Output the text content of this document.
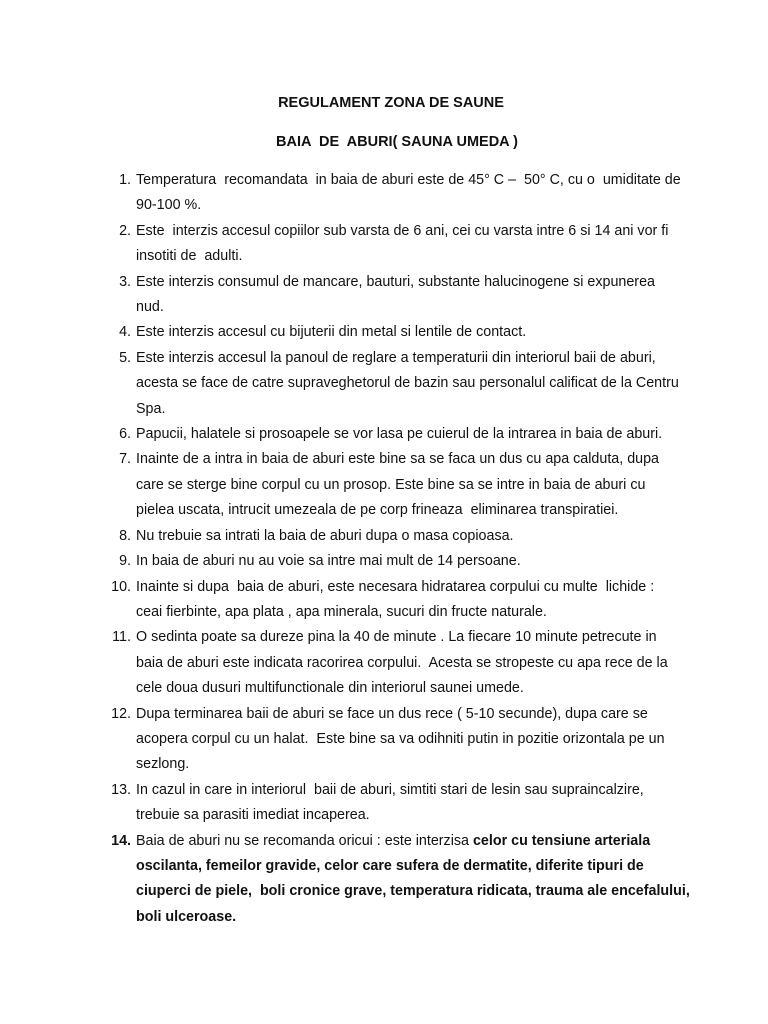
REGULAMENT ZONA DE SAUNE
BAIA  DE  ABURI( SAUNA UMEDA )
1. Temperatura  recomandata  in baia de aburi este de 45° C –  50° C, cu o  umiditate de
90-100 %.
2. Este  interzis accesul copiilor sub varsta de 6 ani, cei cu varsta intre 6 si 14 ani vor fi
insotiti de  adulti.
3. Este interzis consumul de mancare, bauturi, substante halucinogene si expunerea
nud.
4. Este interzis accesul cu bijuterii din metal si lentile de contact.
5. Este interzis accesul la panoul de reglare a temperaturii din interiorul baii de aburi,
acesta se face de catre supraveghetorul de bazin sau personalul calificat de la Centru
Spa.
6. Papucii, halatele si prosoapele se vor lasa pe cuierul de la intrarea in baia de aburi.
7. Inainte de a intra in baia de aburi este bine sa se faca un dus cu apa calduta, dupa
care se sterge bine corpul cu un prosop. Este bine sa se intre in baia de aburi cu
pielea uscata, intrucit umezeala de pe corp frineaza  eliminarea transpiratiei.
8. Nu trebuie sa intrati la baia de aburi dupa o masa copioasa.
9. In baia de aburi nu au voie sa intre mai mult de 14 persoane.
10. Inainte si dupa  baia de aburi, este necesara hidratarea corpului cu multe  lichide :
ceai fierbinte, apa plata , apa minerala, sucuri din fructe naturale.
11. O sedinta poate sa dureze pina la 40 de minute . La fiecare 10 minute petrecute in
baia de aburi este indicata racorirea corpului.  Acesta se stropeste cu apa rece de la
cele doua dusuri multifunctionale din interiorul saunei umede.
12. Dupa terminarea baii de aburi se face un dus rece ( 5-10 secunde), dupa care se
acopera corpul cu un halat.  Este bine sa va odihniti putin in pozitie orizontala pe un
sezlong.
13. In cazul in care in interiorul  baii de aburi, simtiti stari de lesin sau supraincalzire,
trebuie sa parasiti imediat incaperea.
14. Baia de aburi nu se recomanda oricui : este interzisa celor cu tensiune arteriala
oscilanta, femeilor gravide, celor care sufera de dermatite, diferite tipuri de
ciuperci de piele,  boli cronice grave, temperatura ridicata, trauma ale encefalului,
boli ulceroase.
